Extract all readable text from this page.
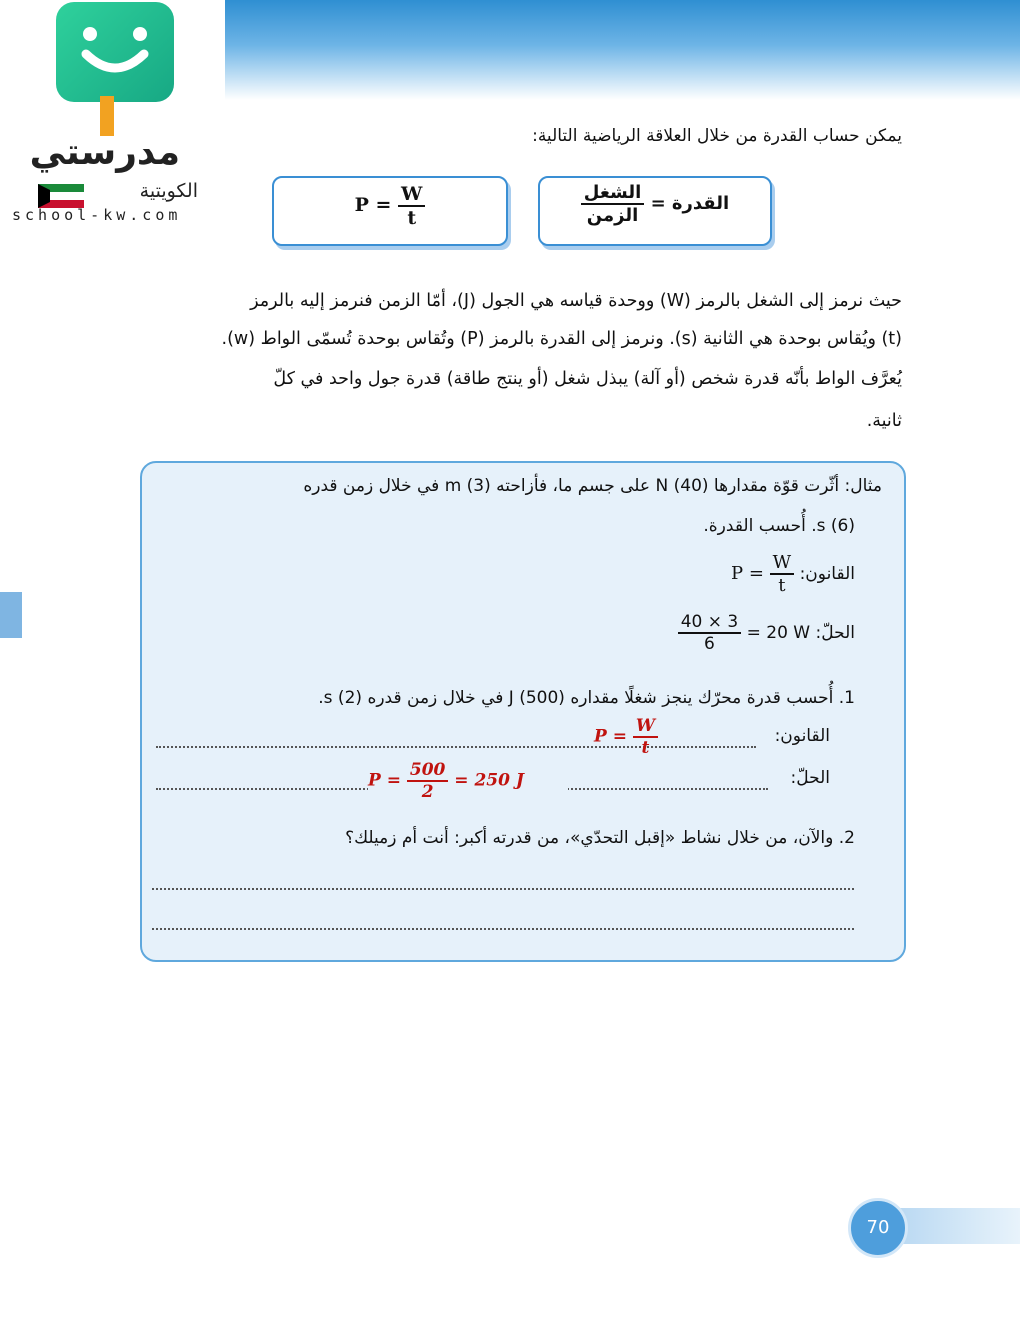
مدرستي
الكويتية
school-kw.com
يمكن حساب القدرة من خلال العلاقة الرياضية التالية:
القدرة =
$\frac{\text{الشغل}}{\text{الزمن}}$
$P = \frac{W}{t}$
حيث نرمز إلى الشغل بالرمز (W) ووحدة قياسه هي الجول (J)، أمّا الزمن فنرمز إليه بالرمز
(t) ويُقاس بوحدة هي الثانية (s). ونرمز إلى القدرة بالرمز (P) وتُقاس بوحدة تُسمّى الواط (w).
يُعرَّف الواط بأنّه قدرة شخص (أو آلة) يبذل شغل (أو ينتج طاقة) قدرة جول واحد في كلّ
ثانية.
مثال: أثّرت قوّة مقدارها (40) N على جسم ما، فأزاحته (3) m في خلال زمن قدره
(6) s. أُحسب القدرة.
القانون: $P = \frac{W}{t}$
الحلّ:
$\frac{40 \times 3}{6} = 20$ W
1. أُحسب قدرة محرّك ينجز شغلًا مقداره (500) J في خلال زمن قدره (2) s.
القانون:
$P = \frac{W}{t}$
الحلّ:
$P = \frac{500}{2} = 250$ J
2. والآن، من خلال نشاط «إقبل التحدّي»، من قدرته أكبر: أنت أم زميلك؟
70
